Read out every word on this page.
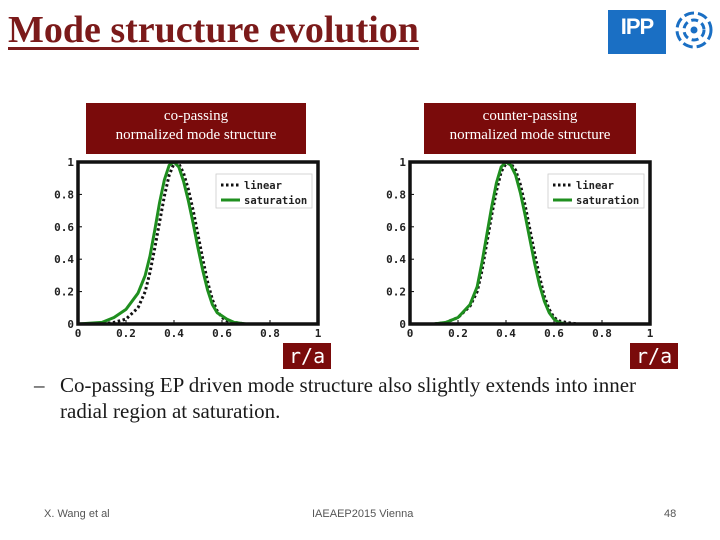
Mode structure evolution	IPP
co-passing
normalized mode structure
counter-passing
normalized mode structure
0	0.2	0.4	0.6	0.8	1
0
0.2
0.4
0.6
0.8
1
linear
saturation
0	0.2	0.4	0.6	0.8	1
0
0.2
0.4
0.6
0.8
1
linear
saturation
r/a	r/a
– Co-passing EP driven mode structure also slightly extends into inner radial region at saturation.
X. Wang et al	IAEAEP2015 Vienna	48
